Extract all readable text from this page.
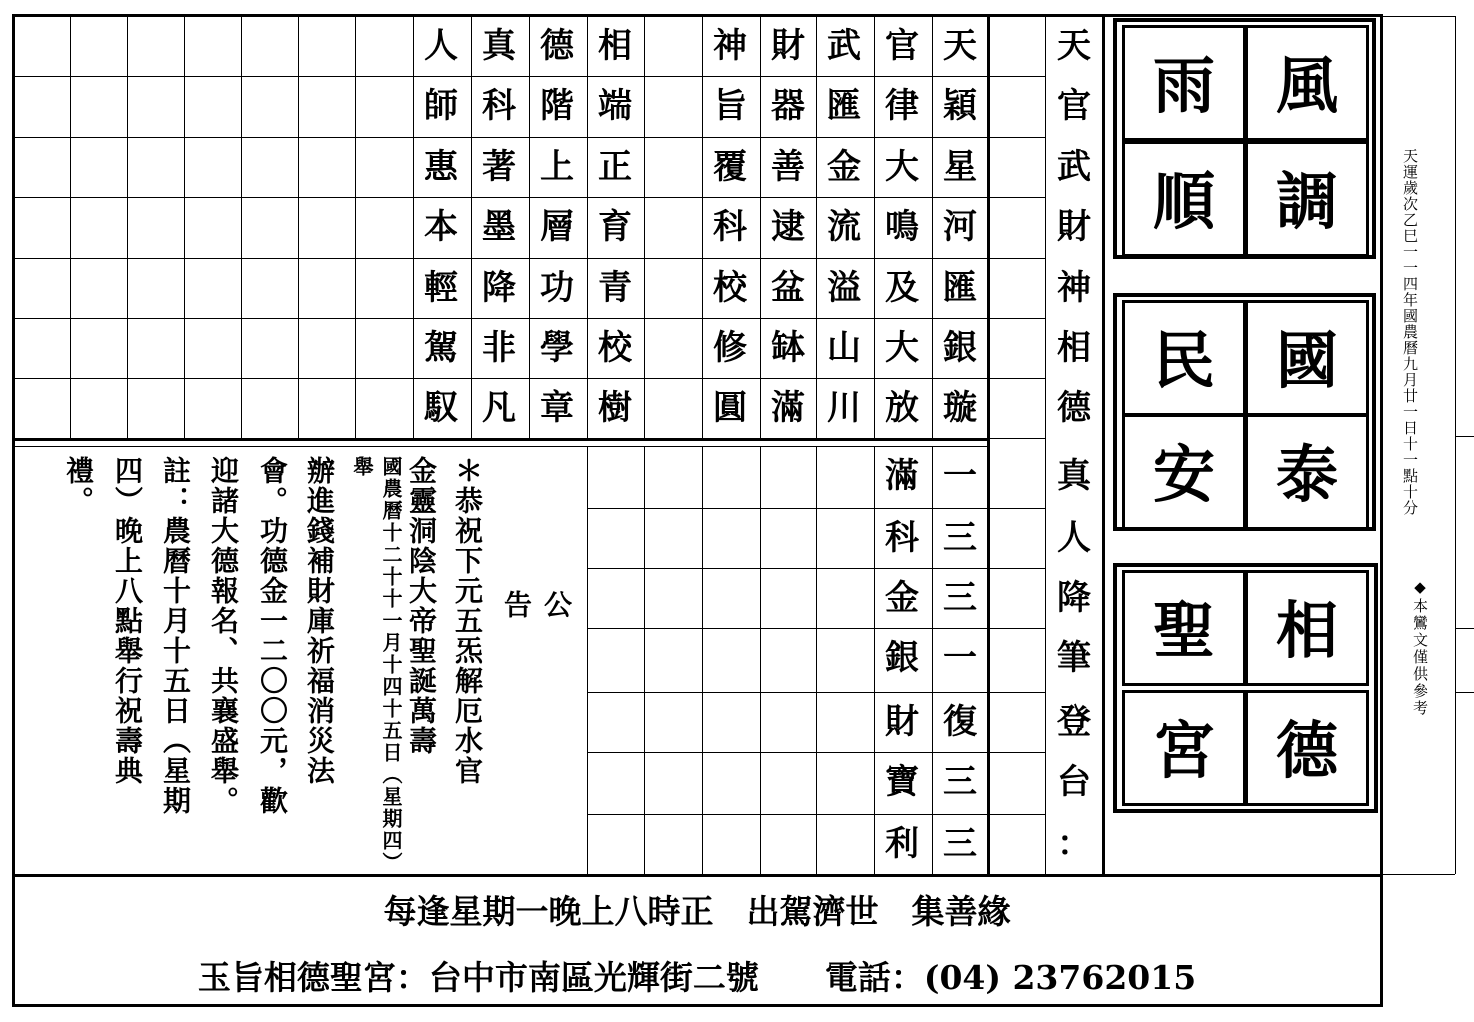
天
穎
星
河
匯
銀
璇
官
律
大
鳴
及
大
放
武
匯
金
流
溢
山
川
財
器
善
逮
盆
缽
滿
神
旨
覆
科
校
修
圓
相
端
正
育
青
校
樹
德
階
上
層
功
學
章
真
科
著
墨
降
非
凡
人
師
惠
本
輕
駕
馭
一
三
三
一
復
三
三
滿
科
金
銀
財
寶
利
天
官
武
財
神
相
德
真
人
降
筆
登
台
：
雨 風
順 調
民 國
安 泰
聖 相
宮 德
天運歲次乙巳一一四年國農曆九月廿一日十一點十分
◆本鸞文僅供參考
公 告
＊恭祝下元五炁解厄水官
金靈洞陰大帝聖誕萬壽
國農曆十二十十一月十四十五日（星期四）舉
辦進錢補財庫祈福消災法
會。功德金一二〇〇元，歡
迎諸大德報名、共襄盛舉。
註：農曆十月十五日（星期
四）晚上八點舉行祝壽典
禮。
每逢星期一晚上八時正　出駕濟世　集善緣
玉旨相德聖宮：台中市南區光輝街二號　　電話：(04) 23762015
